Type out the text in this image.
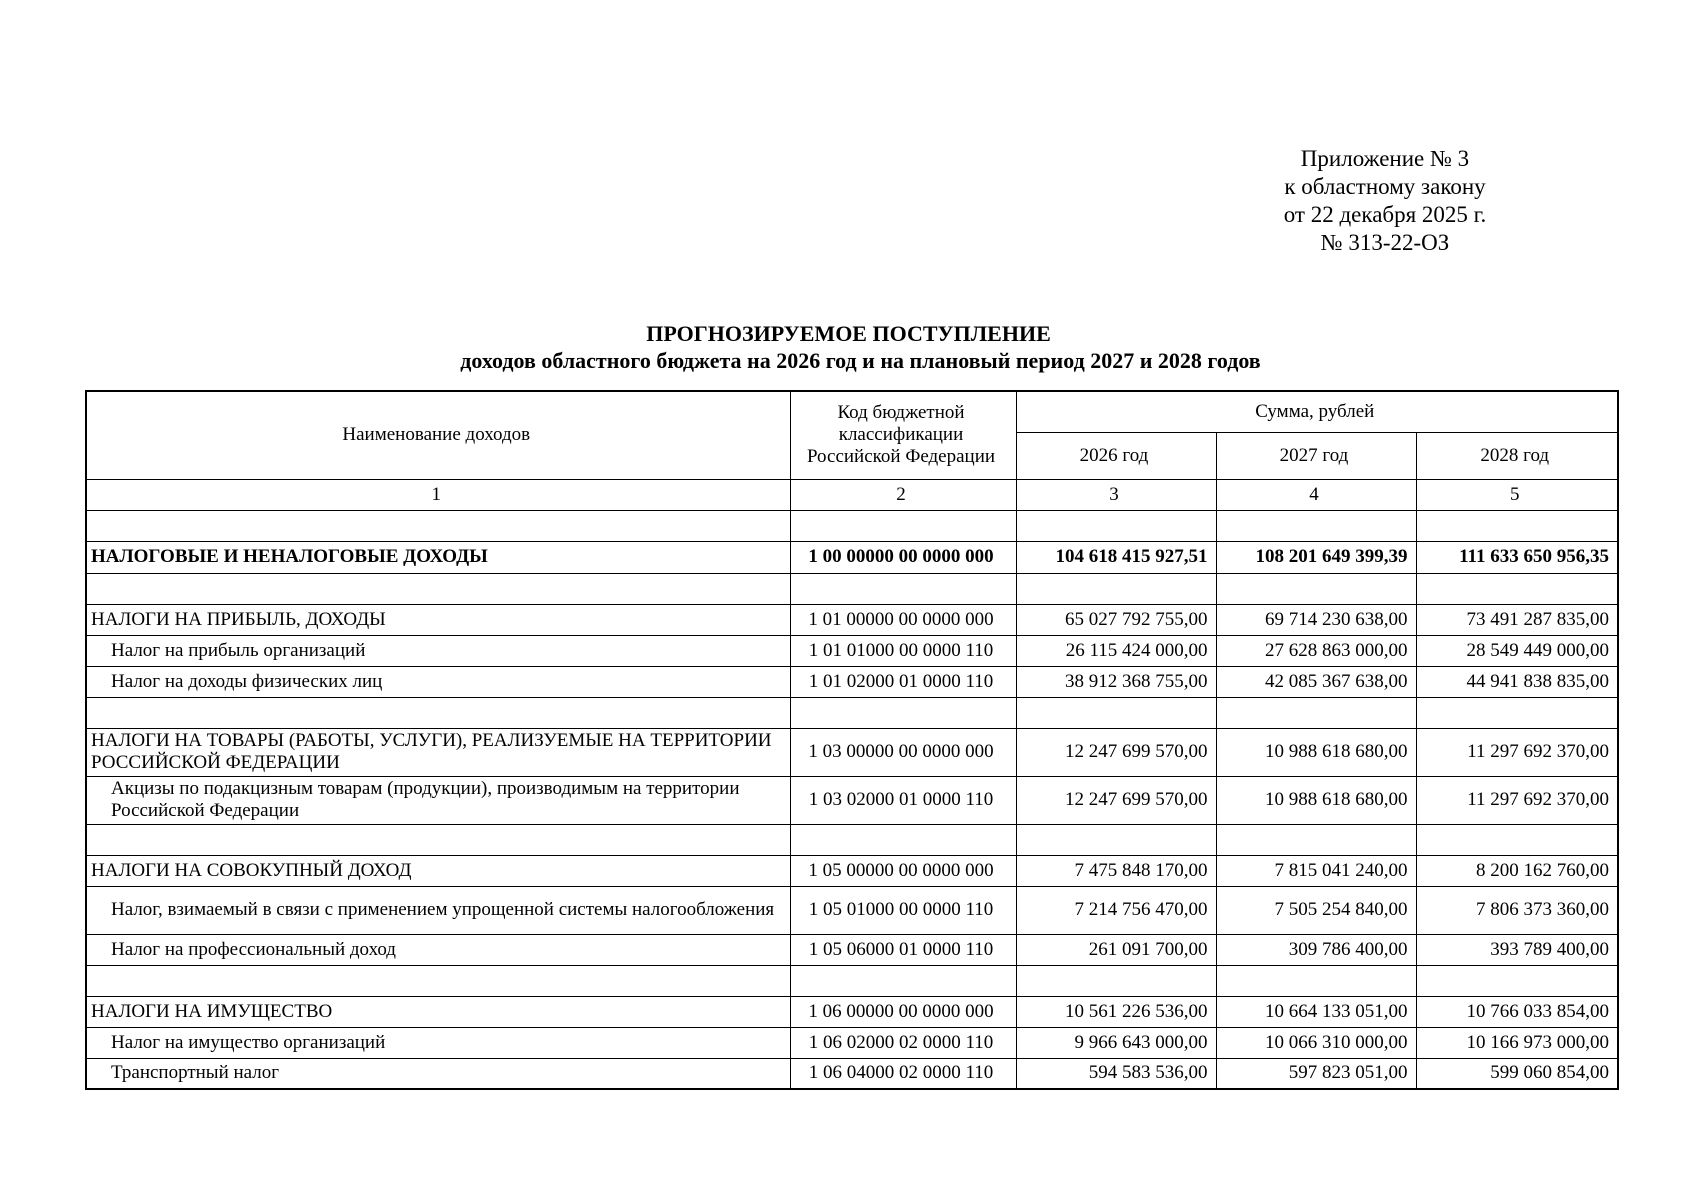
Приложение № 3
к областному закону
от 22 декабря 2025 г.
№ 313-22-ОЗ
ПРОГНОЗИРУЕМОЕ ПОСТУПЛЕНИЕ
доходов областного бюджета на 2026 год и на плановый период 2027 и 2028 годов
Наименование доходов	Код бюджетной классификации Российской Федерации	Сумма, рублей		
		2026 год	2027 год	2028 год
1	2	3	4	5

НАЛОГОВЫЕ И НЕНАЛОГОВЫЕ ДОХОДЫ	1 00 00000 00 0000 000	104 618 415 927,51	108 201 649 399,39	111 633 650 956,35

НАЛОГИ НА ПРИБЫЛЬ, ДОХОДЫ	1 01 00000 00 0000 000	65 027 792 755,00	69 714 230 638,00	73 491 287 835,00
Налог на прибыль организаций	1 01 01000 00 0000 110	26 115 424 000,00	27 628 863 000,00	28 549 449 000,00
Налог на доходы физических лиц	1 01 02000 01 0000 110	38 912 368 755,00	42 085 367 638,00	44 941 838 835,00

НАЛОГИ НА ТОВАРЫ (РАБОТЫ, УСЛУГИ), РЕАЛИЗУЕМЫЕ НА ТЕРРИТОРИИ РОССИЙСКОЙ ФЕДЕРАЦИИ	1 03 00000 00 0000 000	12 247 699 570,00	10 988 618 680,00	11 297 692 370,00
Акцизы по подакцизным товарам (продукции), производимым на территории Российской Федерации	1 03 02000 01 0000 110	12 247 699 570,00	10 988 618 680,00	11 297 692 370,00

НАЛОГИ НА СОВОКУПНЫЙ ДОХОД	1 05 00000 00 0000 000	7 475 848 170,00	7 815 041 240,00	8 200 162 760,00
Налог, взимаемый в связи с применением упрощенной системы налогообложения	1 05 01000 00 0000 110	7 214 756 470,00	7 505 254 840,00	7 806 373 360,00
Налог на профессиональный доход	1 05 06000 01 0000 110	261 091 700,00	309 786 400,00	393 789 400,00

НАЛОГИ НА ИМУЩЕСТВО	1 06 00000 00 0000 000	10 561 226 536,00	10 664 133 051,00	10 766 033 854,00
Налог на имущество организаций	1 06 02000 02 0000 110	9 966 643 000,00	10 066 310 000,00	10 166 973 000,00
Транспортный налог	1 06 04000 02 0000 110	594 583 536,00	597 823 051,00	599 060 854,00
